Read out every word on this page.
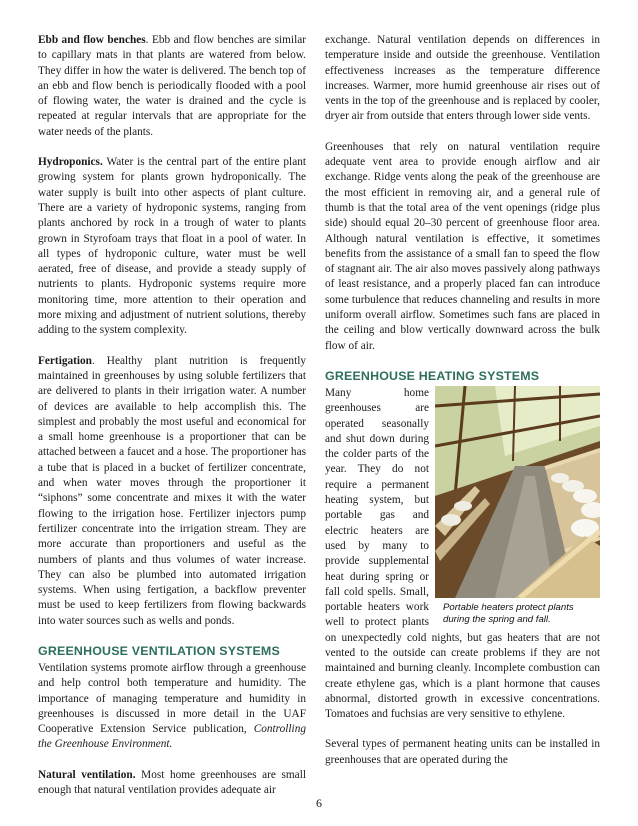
Ebb and flow benches. Ebb and flow benches are similar to capillary mats in that plants are watered from below. They differ in how the water is delivered. The bench top of an ebb and flow bench is periodically flooded with a pool of flowing water, the water is drained and the cycle is repeated at regular intervals that are appropriate for the water needs of the plants.

Hydroponics. Water is the central part of the entire plant growing system for plants grown hydroponically. The water supply is built into other aspects of plant culture. There are a variety of hydroponic systems, ranging from plants anchored by rock in a trough of water to plants grown in Styrofoam trays that float in a pool of water. In all types of hydroponic culture, water must be well aerated, free of disease, and provide a steady supply of nutrients to plants. Hydroponic systems require more monitoring time, more attention to their operation and more mixing and adjustment of nutrient solutions, thereby adding to the system complexity.

Fertigation. Healthy plant nutrition is frequently maintained in greenhouses by using soluble fertilizers that are delivered to plants in their irrigation water. A number of devices are available to help accomplish this. The simplest and probably the most useful and economical for a small home greenhouse is a proportioner that can be attached between a faucet and a hose. The proportioner has a tube that is placed in a bucket of fertilizer concentrate, and when water moves through the proportioner it “siphons” some concentrate and mixes it with the water flowing to the irrigation hose. Fertilizer injectors pump fertilizer concentrate into the irrigation stream. They are more accurate than proportioners and useful as the numbers of plants and thus volumes of water increase. They can also be plumbed into automated irrigation systems. When using fertigation, a backflow preventer must be used to keep fertilizers from flowing backwards into water sources such as wells and ponds.

GREENHOUSE VENTILATION SYSTEMS

Ventilation systems promote airflow through a greenhouse and help control both temperature and humidity. The importance of managing temperature and humidity in greenhouses is discussed in more detail in the UAF Cooperative Extension Service publication, Controlling the Greenhouse Environment.

Natural ventilation. Most home greenhouses are small enough that natural ventilation provides adequate air

exchange. Natural ventilation depends on differences in temperature inside and outside the greenhouse. Ventilation effectiveness increases as the temperature difference increases. Warmer, more humid greenhouse air rises out of vents in the top of the greenhouse and is replaced by cooler, dryer air from outside that enters through lower side vents.

Greenhouses that rely on natural ventilation require adequate vent area to provide enough airflow and air exchange. Ridge vents along the peak of the greenhouse are the most efficient in removing air, and a general rule of thumb is that the total area of the vent openings (ridge plus side) should equal 20–30 percent of greenhouse floor area. Although natural ventilation is effective, it sometimes benefits from the assistance of a small fan to speed the flow of stagnant air. The air also moves passively along pathways of least resistance, and a properly placed fan can introduce some turbulence that reduces channeling and results in more uniform overall airflow. Sometimes such fans are placed in the ceiling and blow vertically downward across the bulk flow of air.

GREENHOUSE HEATING SYSTEMS
Portable heaters protect plants during the spring and fall.

Many home greenhouses are operated seasonally and shut down during the colder parts of the year. They do not require a permanent heating system, but portable gas and electric heaters are used by many to provide supplemental heat during spring or fall cold spells. Small, portable heaters work well to protect plants on unexpectedly cold nights, but gas heaters that are not vented to the outside can create problems if they are not maintained and burning cleanly. Incomplete combustion can create ethylene gas, which is a plant hormone that causes abnormal, distorted growth in excessive concentrations. Tomatoes and fuchsias are very sensitive to ethylene.

Several types of permanent heating units can be installed in greenhouses that are operated during the

6
